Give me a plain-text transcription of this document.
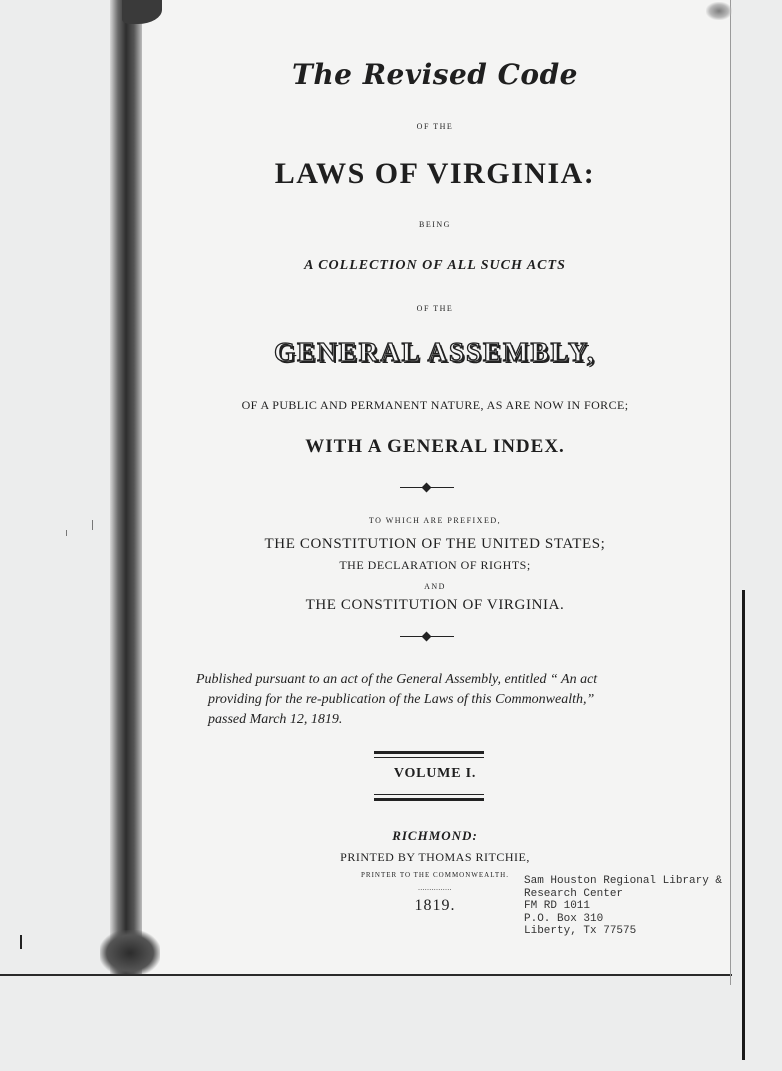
The Revised Code

OF THE

LAWS OF VIRGINIA:

BEING

A COLLECTION OF ALL SUCH ACTS

OF THE

GENERAL ASSEMBLY,

OF A PUBLIC AND PERMANENT NATURE, AS ARE NOW IN FORCE;

WITH A GENERAL INDEX.

TO WHICH ARE PREFIXED,

THE CONSTITUTION OF THE UNITED STATES;

THE DECLARATION OF RIGHTS;

AND

THE CONSTITUTION OF VIRGINIA.

Published pursuant to an act of the General Assembly, entitled “ An act
providing for the re-publication of the Laws of this Commonwealth,”
passed March 12, 1819.

VOLUME I.

RICHMOND:

PRINTED BY THOMAS RITCHIE,

PRINTER TO THE COMMONWEALTH.

...............

1819.

Sam Houston Regional Library &
Research Center
FM RD 1011
P.O. Box 310
Liberty, Tx 77575
